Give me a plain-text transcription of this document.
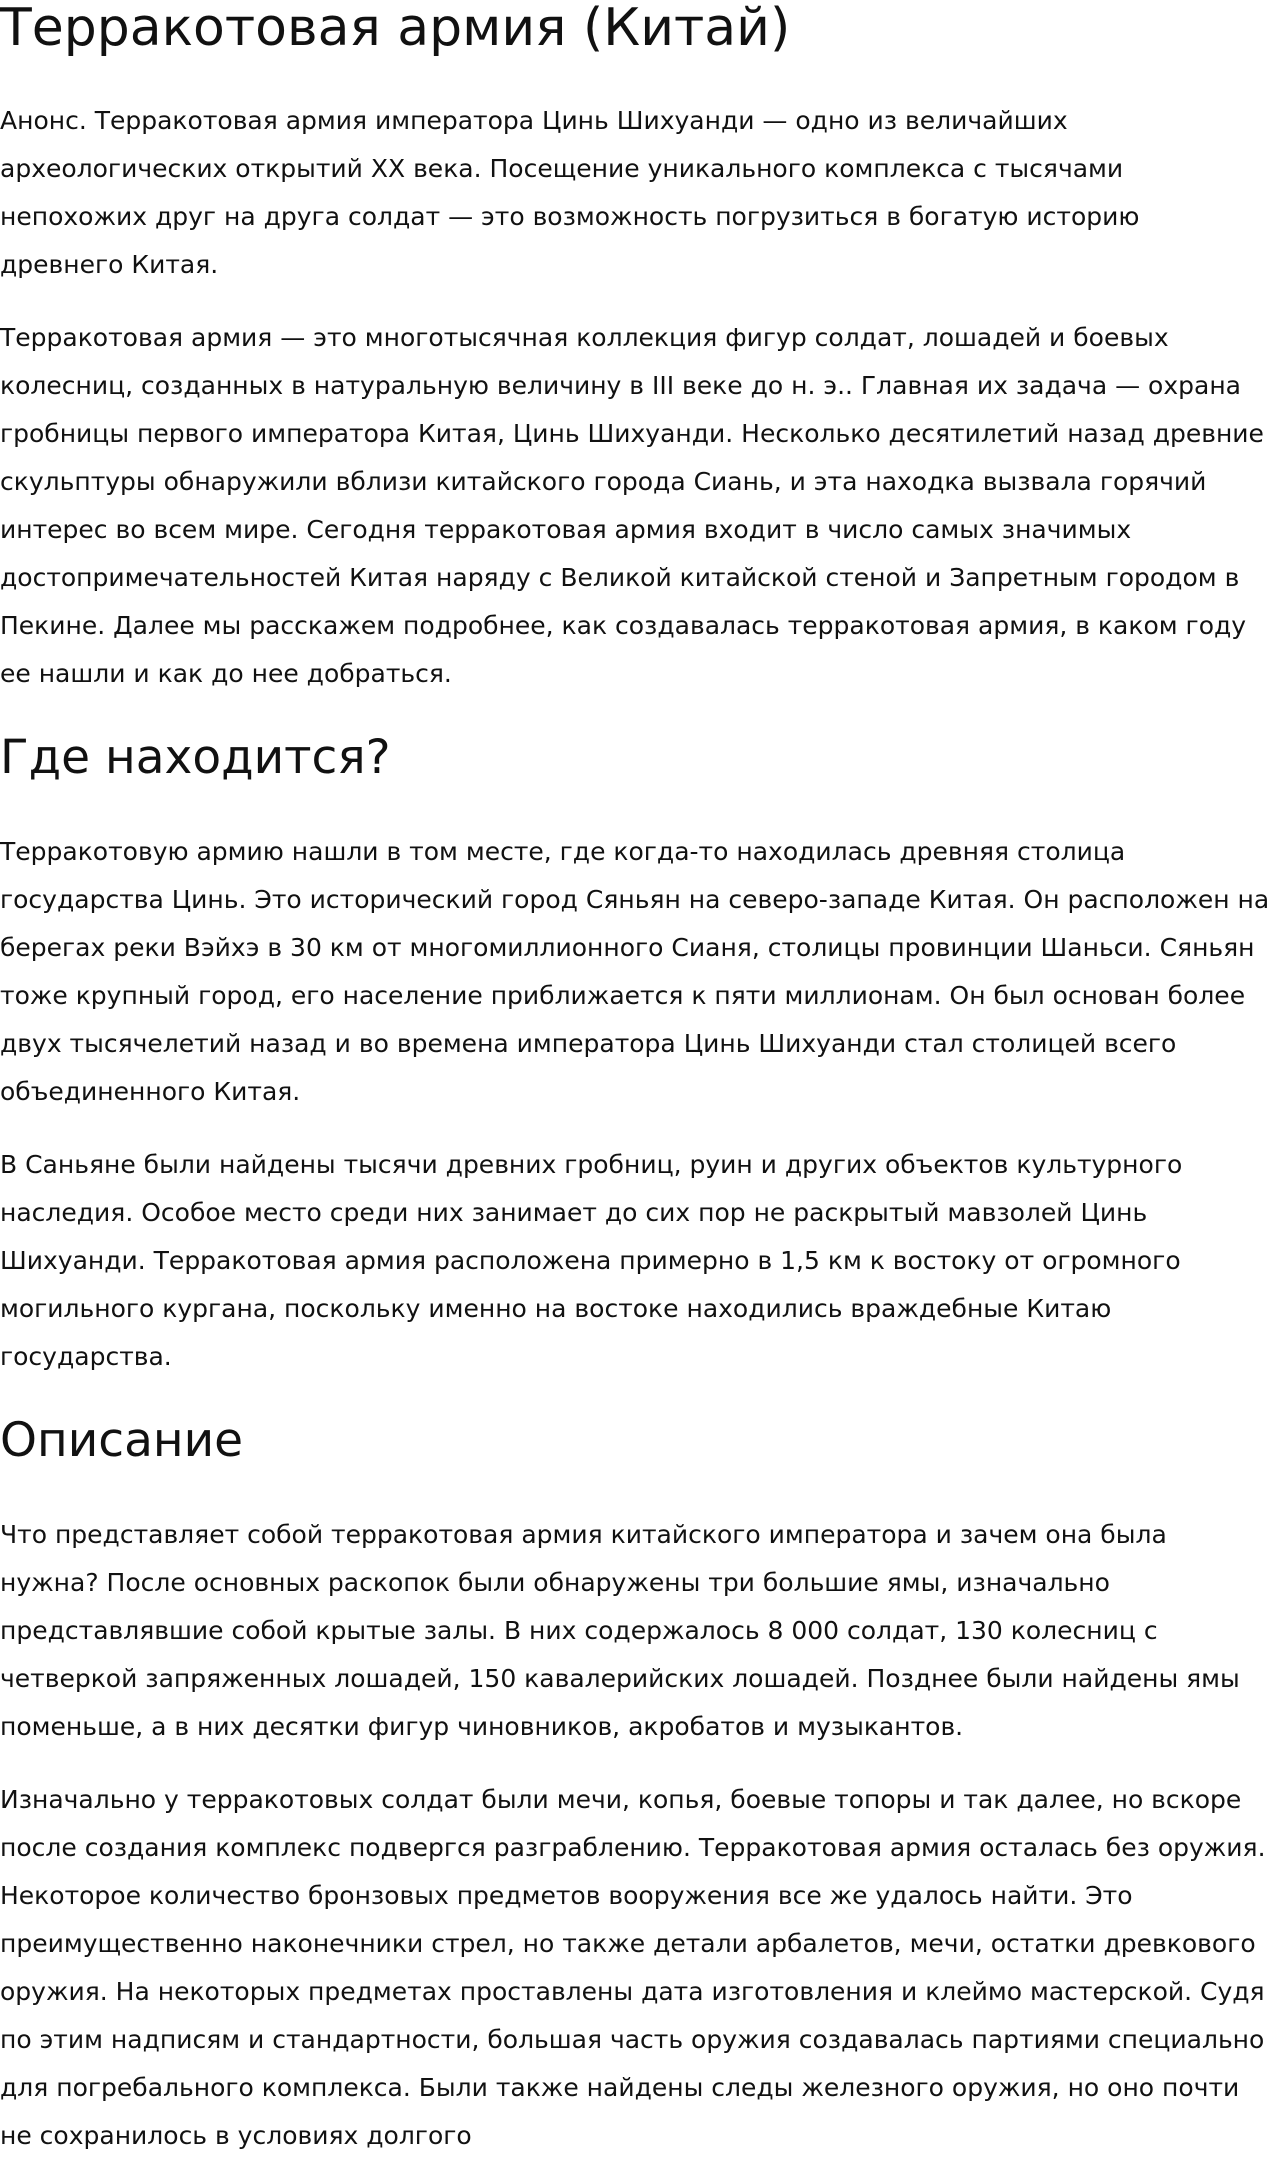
Терракотовая армия (Китай)

Анонс. Терракотовая армия императора Цинь Шихуанди — одно из величайших археологических открытий XX века. Посещение уникального комплекса с тысячами непохожих друг на друга солдат — это возможность погрузиться в богатую историю древнего Китая.

Терракотовая армия — это многотысячная коллекция фигур солдат, лошадей и боевых колесниц, созданных в натуральную величину в III веке до н. э.. Главная их задача — охрана гробницы первого императора Китая, Цинь Шихуанди. Несколько десятилетий назад древние скульптуры обнаружили вблизи китайского города Сиань, и эта находка вызвала горячий интерес во всем мире. Сегодня терракотовая армия входит в число самых значимых достопримечательностей Китая наряду с Великой китайской стеной и Запретным городом в Пекине. Далее мы расскажем подробнее, как создавалась терракотовая армия, в каком году ее нашли и как до нее добраться.

Где находится?

Терракотовую армию нашли в том месте, где когда-то находилась древняя столица государства Цинь. Это исторический город Сяньян на северо-западе Китая. Он расположен на берегах реки Вэйхэ в 30 км от многомиллионного Сианя, столицы провинции Шаньси. Сяньян тоже крупный город, его население приближается к пяти миллионам. Он был основан более двух тысячелетий назад и во времена императора Цинь Шихуанди стал столицей всего объединенного Китая.

В Саньяне были найдены тысячи древних гробниц, руин и других объектов культурного наследия. Особое место среди них занимает до сих пор не раскрытый мавзолей Цинь Шихуанди. Терракотовая армия расположена примерно в 1,5 км к востоку от огромного могильного кургана, поскольку именно на востоке находились враждебные Китаю государства.

Описание

Что представляет собой терракотовая армия китайского императора и зачем она была нужна? После основных раскопок были обнаружены три большие ямы, изначально представлявшие собой крытые залы. В них содержалось 8 000 солдат, 130 колесниц с четверкой запряженных лошадей, 150 кавалерийских лошадей. Позднее были найдены ямы поменьше, а в них десятки фигур чиновников, акробатов и музыкантов.

Изначально у терракотовых солдат были мечи, копья, боевые топоры и так далее, но вскоре после создания комплекс подвергся разграблению. Терракотовая армия осталась без оружия. Некоторое количество бронзовых предметов вооружения все же удалось найти. Это преимущественно наконечники стрел, но также детали арбалетов, мечи, остатки древкового оружия. На некоторых предметах проставлены дата изготовления и клеймо мастерской. Судя по этим надписям и стандартности, большая часть оружия создавалась партиями специально для погребального комплекса. Были также найдены следы железного оружия, но оно почти не сохранилось в условиях долгого
